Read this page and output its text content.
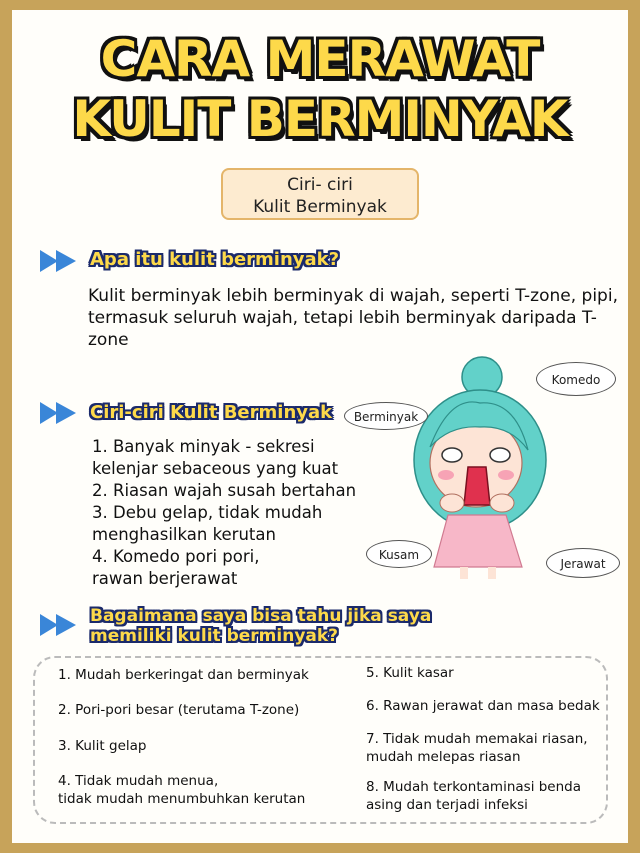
CARA MERAWAT
KULIT BERMINYAK
Ciri- ciri
Kulit Berminyak
Apa itu kulit berminyak?
Kulit berminyak lebih berminyak di wajah, seperti T-zone, pipi, termasuk seluruh wajah, tetapi lebih berminyak daripada T-zone
Ciri-ciri Kulit Berminyak
1. Banyak minyak - sekresi
kelenjar sebaceous yang kuat
2. Riasan wajah susah bertahan
3. Debu gelap, tidak mudah
menghasilkan kerutan
4. Komedo pori pori,
rawan berjerawat
Komedo
Berminyak
Kusam
Jerawat
Bagaimana saya bisa tahu jika saya memiliki kulit berminyak?
1. Mudah berkeringat dan berminyak
2. Pori-pori besar (terutama T-zone)
3. Kulit gelap
4. Tidak mudah menua,
tidak mudah menumbuhkan kerutan
5. Kulit kasar
6. Rawan jerawat dan masa bedak
7. Tidak mudah memakai riasan,
mudah melepas riasan
8. Mudah terkontaminasi benda
asing dan terjadi infeksi
